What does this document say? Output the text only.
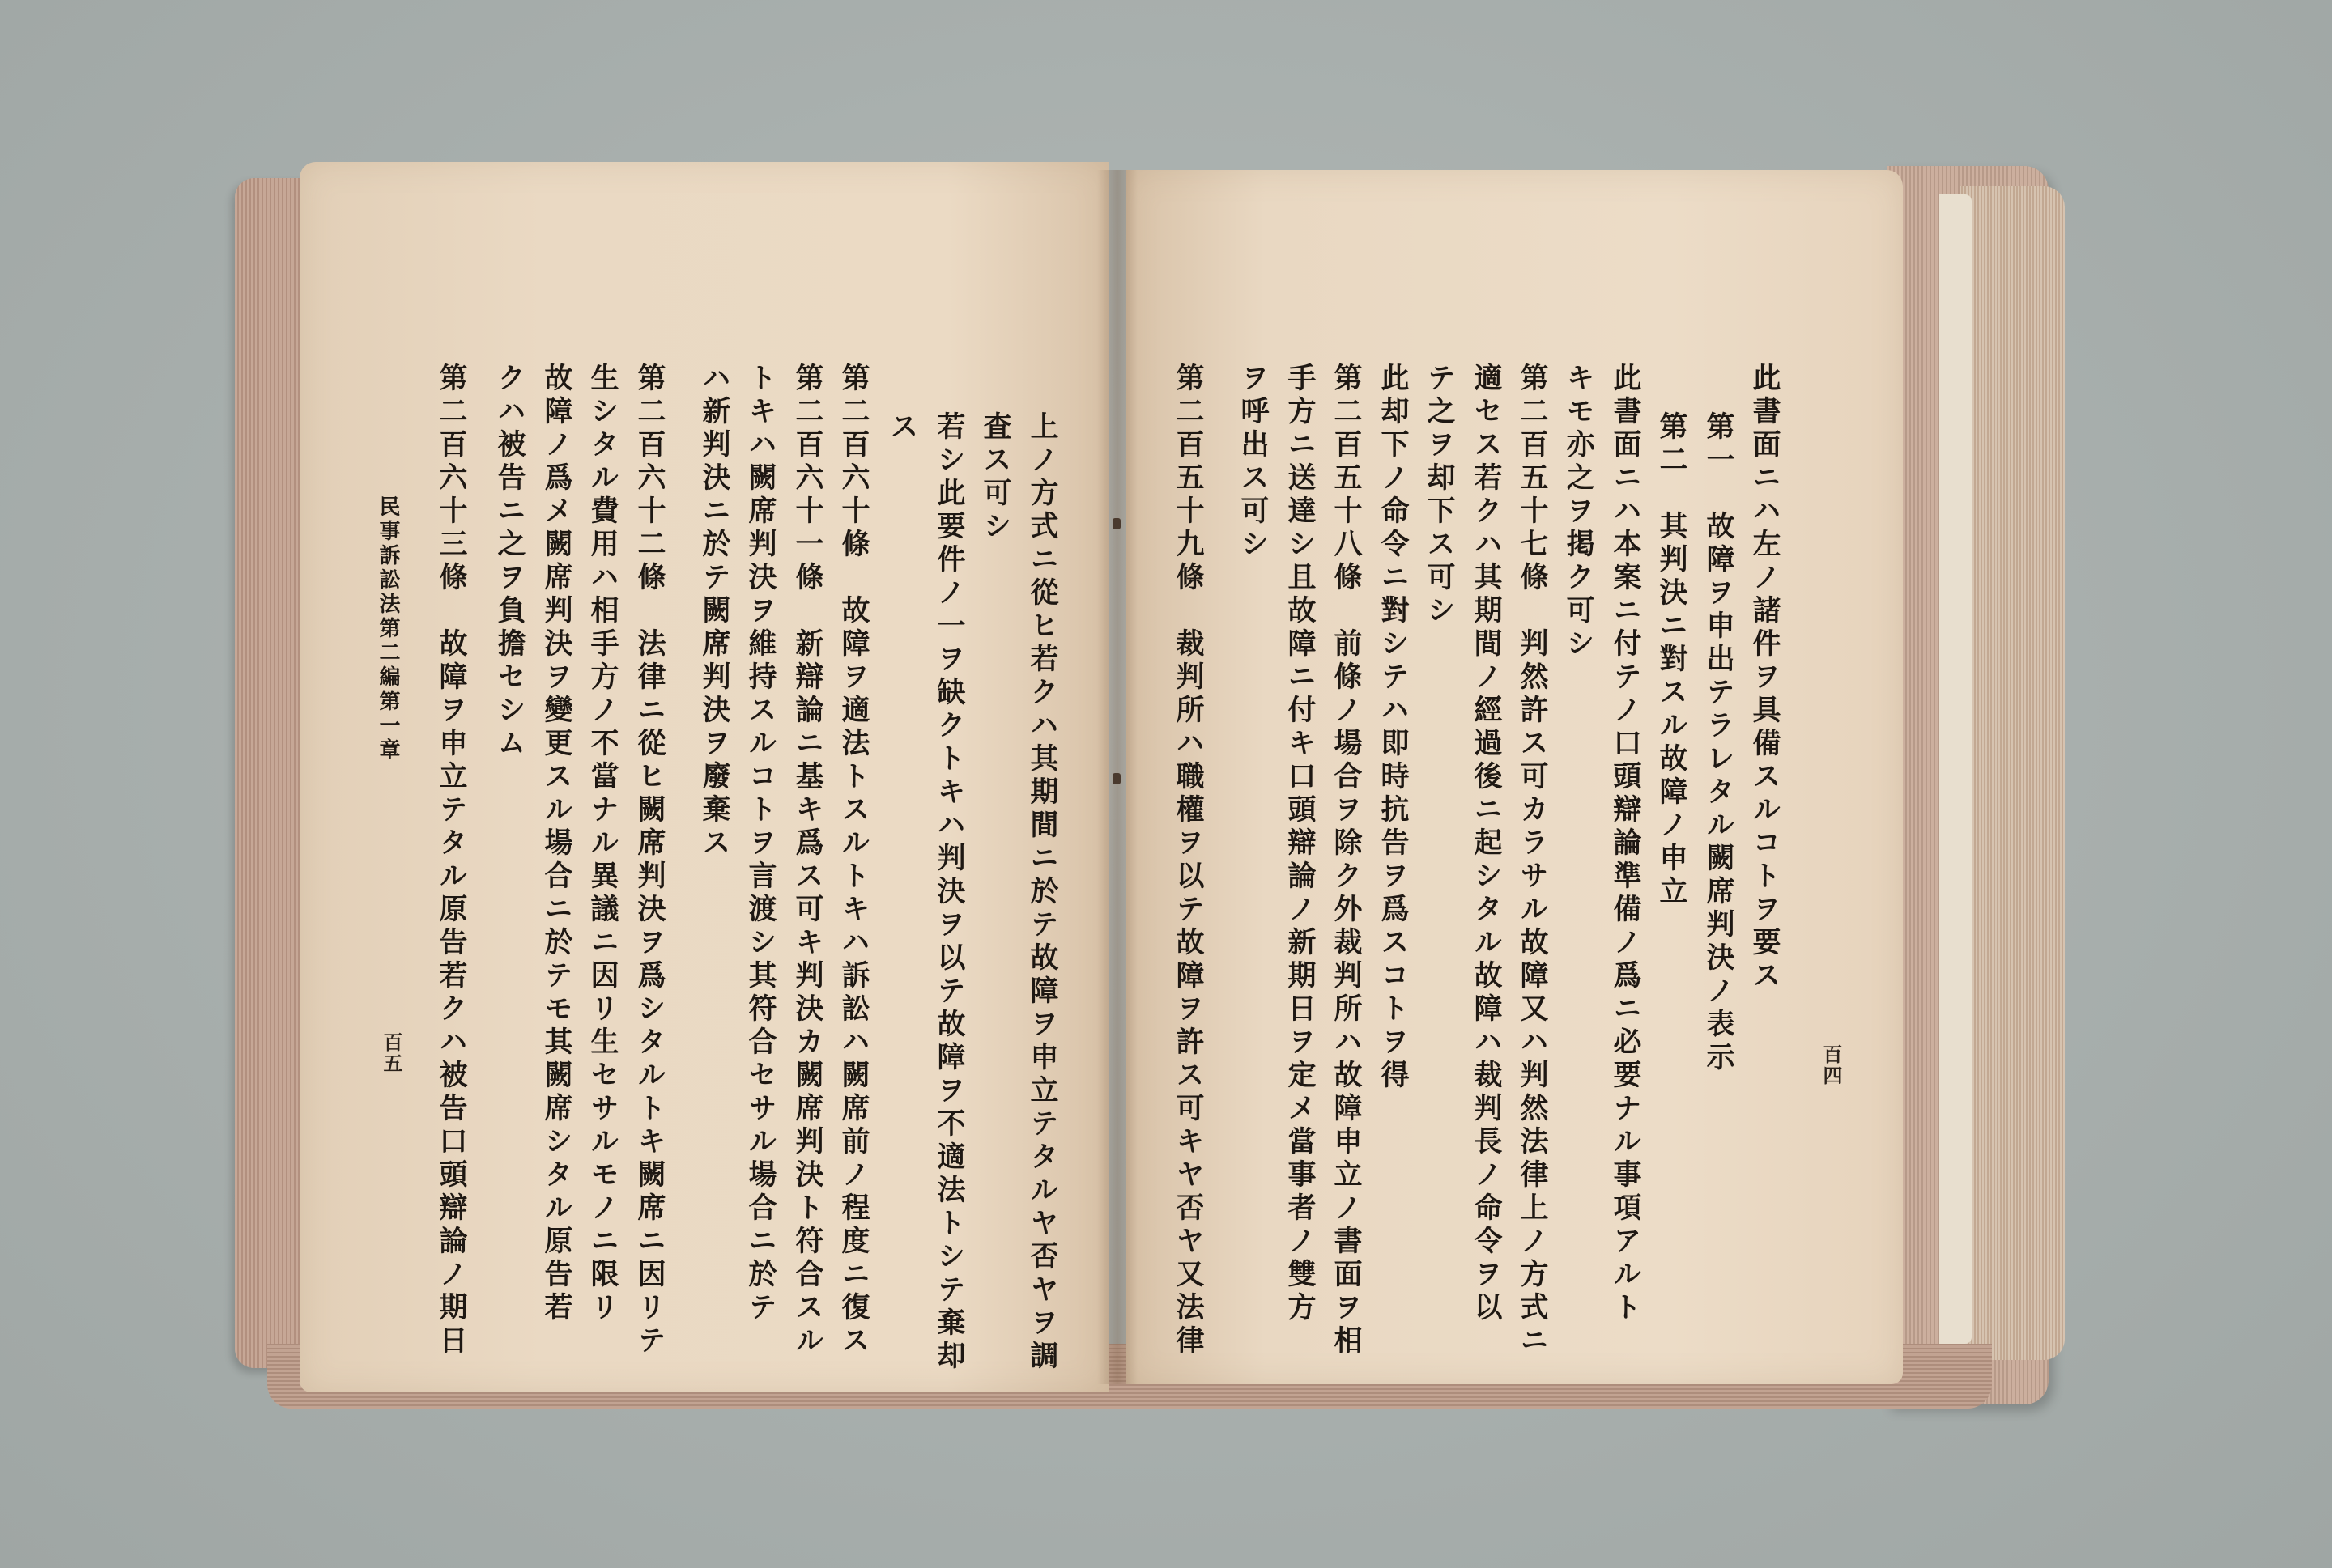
此書面ニハ左ノ諸件ヲ具備スルコトヲ要ス
第一　故障ヲ申出テラレタル闕席判決ノ表示
第二　其判決ニ對スル故障ノ申立
此書面ニハ本案ニ付テノ口頭辯論準備ノ爲ニ必要ナル事項アルト
キモ亦之ヲ掲ク可シ
第二百五十七條　判然許ス可カラサル故障又ハ判然法律上ノ方式ニ
適セス若クハ其期間ノ經過後ニ起シタル故障ハ裁判長ノ命令ヲ以
テ之ヲ却下ス可シ
此却下ノ命令ニ對シテハ即時抗告ヲ爲スコトヲ得
第二百五十八條　前條ノ場合ヲ除ク外裁判所ハ故障申立ノ書面ヲ相
手方ニ送達シ且故障ニ付キ口頭辯論ノ新期日ヲ定メ當事者ノ雙方
ヲ呼出ス可シ
第二百五十九條　裁判所ハ職權ヲ以テ故障ヲ許ス可キヤ否ヤ又法律	百四
上ノ方式ニ從ヒ若クハ其期間ニ於テ故障ヲ申立テタルヤ否ヤヲ調
査ス可シ
若シ此要件ノ一ヲ缺クトキハ判決ヲ以テ故障ヲ不適法トシテ棄却
ス
第二百六十條　故障ヲ適法トスルトキハ訴訟ハ闕席前ノ程度ニ復ス
第二百六十一條　新辯論ニ基キ爲ス可キ判決カ闕席判決ト符合スル
トキハ闕席判決ヲ維持スルコトヲ言渡シ其符合セサル場合ニ於テ
ハ新判決ニ於テ闕席判決ヲ廢棄ス
第二百六十二條　法律ニ從ヒ闕席判決ヲ爲シタルトキ闕席ニ因リテ
生シタル費用ハ相手方ノ不當ナル異議ニ因リ生セサルモノニ限リ
故障ノ爲メ闕席判決ヲ變更スル場合ニ於テモ其闕席シタル原告若
クハ被告ニ之ヲ負擔セシム
第二百六十三條　故障ヲ申立テタル原告若クハ被告口頭辯論ノ期日
民事訴訟法第二編第一章
百五
